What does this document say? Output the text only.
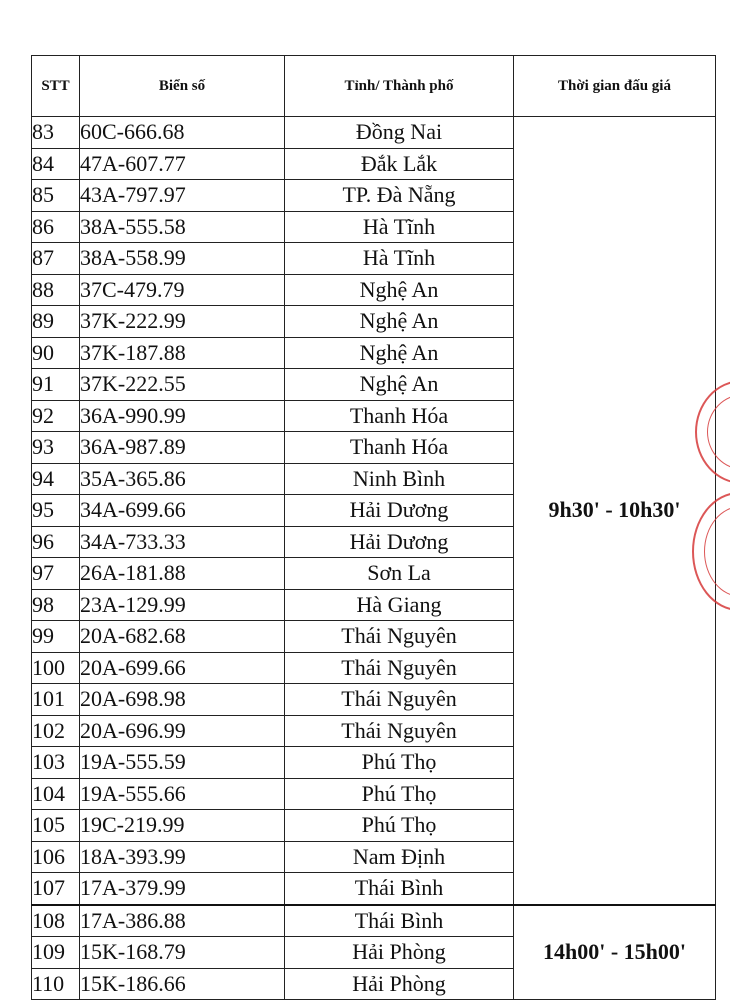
STT	Biển số	Tỉnh/ Thành phố	Thời gian đấu giá
83	60C-666.68	Đồng Nai	9h30' - 10h30'
84	47A-607.77	Đắk Lắk	
85	43A-797.97	TP. Đà Nẵng	
86	38A-555.58	Hà Tĩnh	
87	38A-558.99	Hà Tĩnh	
88	37C-479.79	Nghệ An	
89	37K-222.99	Nghệ An	
90	37K-187.88	Nghệ An	
91	37K-222.55	Nghệ An	
92	36A-990.99	Thanh Hóa	
93	36A-987.89	Thanh Hóa	
94	35A-365.86	Ninh Bình	
95	34A-699.66	Hải Dương	
96	34A-733.33	Hải Dương	
97	26A-181.88	Sơn La	
98	23A-129.99	Hà Giang	
99	20A-682.68	Thái Nguyên	
100	20A-699.66	Thái Nguyên	
101	20A-698.98	Thái Nguyên	
102	20A-696.99	Thái Nguyên	
103	19A-555.59	Phú Thọ	
104	19A-555.66	Phú Thọ	
105	19C-219.99	Phú Thọ	
106	18A-393.99	Nam Định	
107	17A-379.99	Thái Bình	
108	17A-386.88	Thái Bình	14h00' - 15h00'
109	15K-168.79	Hải Phòng	
110	15K-186.66	Hải Phòng	
